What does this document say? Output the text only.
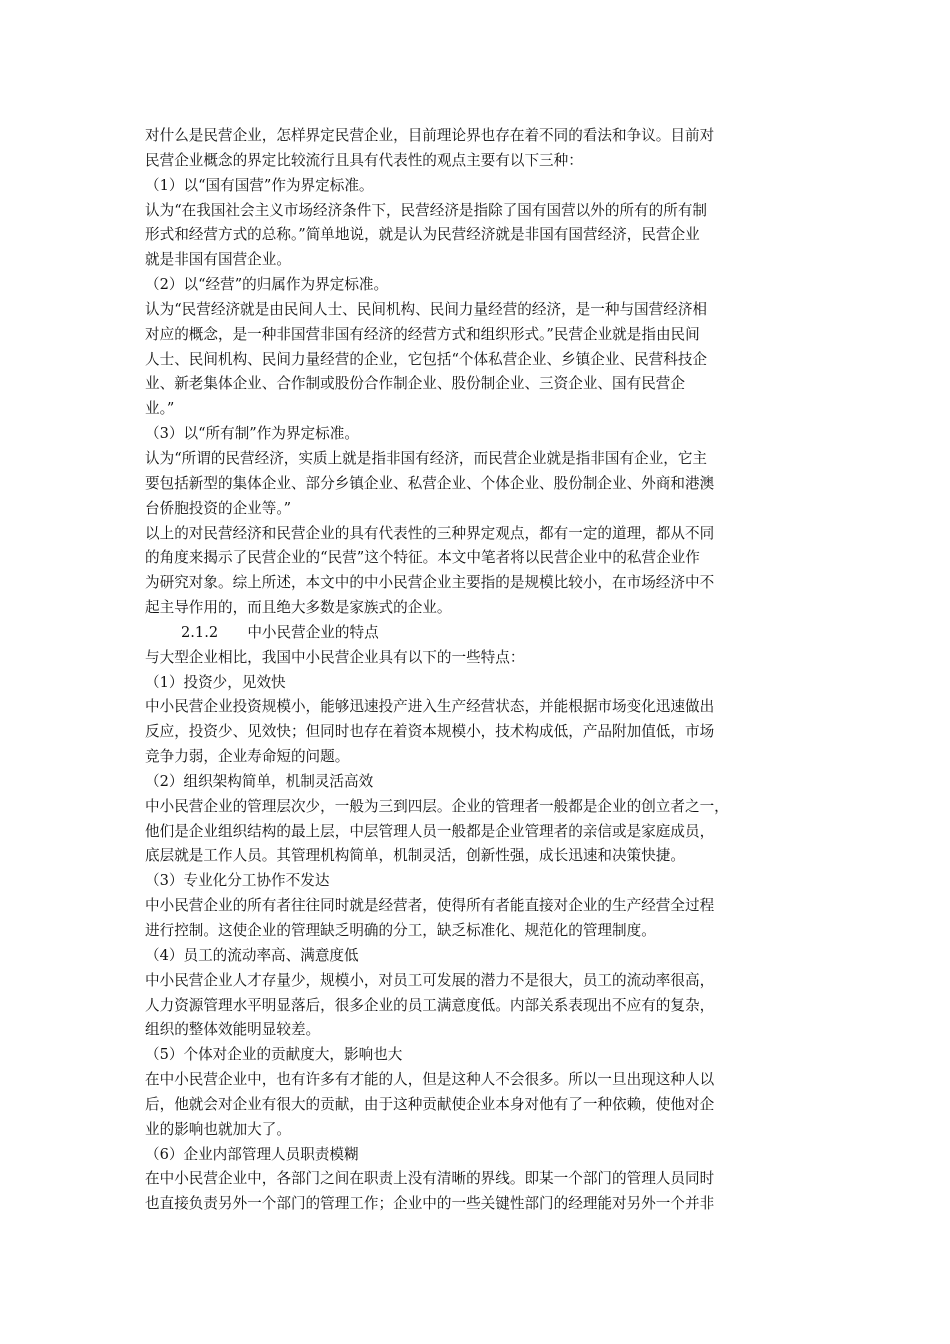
对什么是民营企业，怎样界定民营企业，目前理论界也存在着不同的看法和争议。目前对
民营企业概念的界定比较流行且具有代表性的观点主要有以下三种：
（1）以“国有国营”作为界定标准。
认为“在我国社会主义市场经济条件下，民营经济是指除了国有国营以外的所有的所有制
形式和经营方式的总称。”简单地说，就是认为民营经济就是非国有国营经济，民营企业
就是非国有国营企业。
（2）以“经营”的归属作为界定标准。
认为“民营经济就是由民间人士、民间机构、民间力量经营的经济，是一种与国营经济相
对应的概念，是一种非国营非国有经济的经营方式和组织形式。”民营企业就是指由民间
人士、民间机构、民间力量经营的企业，它包括“个体私营企业、乡镇企业、民营科技企
业、新老集体企业、合作制或股份合作制企业、股份制企业、三资企业、国有民营企
业。”
（3）以“所有制”作为界定标准。
认为“所谓的民营经济，实质上就是指非国有经济，而民营企业就是指非国有企业，它主
要包括新型的集体企业、部分乡镇企业、私营企业、个体企业、股份制企业、外商和港澳
台侨胞投资的企业等。”
以上的对民营经济和民营企业的具有代表性的三种界定观点，都有一定的道理，都从不同
的角度来揭示了民营企业的“民营”这个特征。本文中笔者将以民营企业中的私营企业作
为研究对象。综上所述，本文中的中小民营企业主要指的是规模比较小，在市场经济中不
起主导作用的，而且绝大多数是家族式的企业。
2.1.2　　中小民营企业的特点
与大型企业相比，我国中小民营企业具有以下的一些特点：
（1）投资少，见效快
中小民营企业投资规模小，能够迅速投产进入生产经营状态，并能根据市场变化迅速做出
反应，投资少、见效快；但同时也存在着资本规模小，技术构成低，产品附加值低，市场
竞争力弱，企业寿命短的问题。
（2）组织架构简单，机制灵活高效
中小民营企业的管理层次少，一般为三到四层。企业的管理者一般都是企业的创立者之一，
他们是企业组织结构的最上层，中层管理人员一般都是企业管理者的亲信或是家庭成员，
底层就是工作人员。其管理机构简单，机制灵活，创新性强，成长迅速和决策快捷。
（3）专业化分工协作不发达
中小民营企业的所有者往往同时就是经营者，使得所有者能直接对企业的生产经营全过程
进行控制。这使企业的管理缺乏明确的分工，缺乏标准化、规范化的管理制度。
（4）员工的流动率高、满意度低
中小民营企业人才存量少，规模小，对员工可发展的潜力不是很大，员工的流动率很高，
人力资源管理水平明显落后，很多企业的员工满意度低。内部关系表现出不应有的复杂，
组织的整体效能明显较差。
（5）个体对企业的贡献度大，影响也大
在中小民营企业中，也有许多有才能的人，但是这种人不会很多。所以一旦出现这种人以
后，他就会对企业有很大的贡献，由于这种贡献使企业本身对他有了一种依赖，使他对企
业的影响也就加大了。
（6）企业内部管理人员职责模糊
在中小民营企业中，各部门之间在职责上没有清晰的界线。即某一个部门的管理人员同时
也直接负责另外一个部门的管理工作；企业中的一些关键性部门的经理能对另外一个并非
